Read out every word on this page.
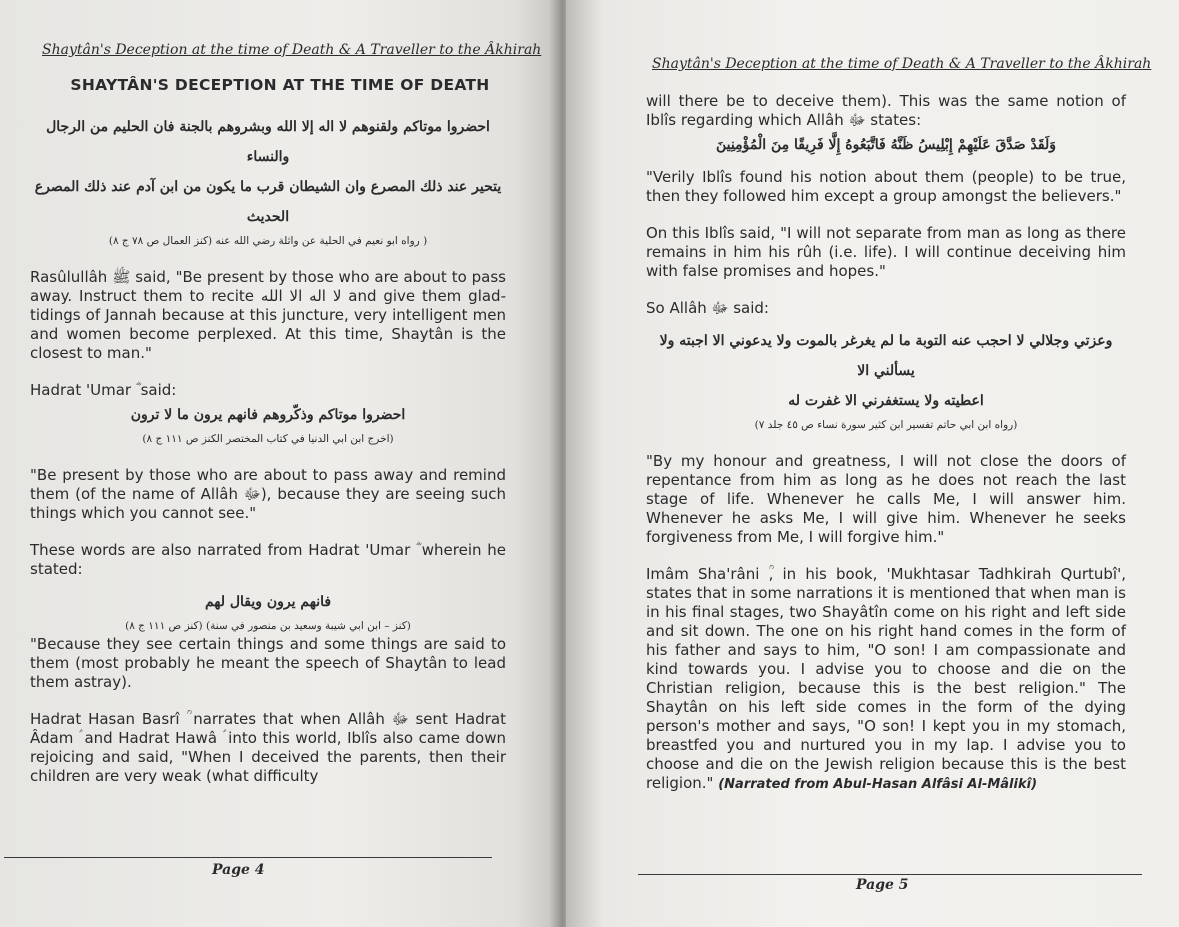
Shaytân's Deception at the time of Death & A Traveller to the Âkhirah
SHAYTÂN'S DECEPTION AT THE TIME OF DEATH

احضروا موتاكم ولقنوهم لا اله إلا الله وبشروهم بالجنة فان الحليم من الرجال والنساء

يتحير عند ذلك المصرع وان الشيطان قرب ما يكون من ابن آدم عند ذلك المصرع الحديث

( رواه ابو نعيم في الحلية عن واثلة رضي الله عنه (كنز العمال ص ٧٨ ج ٨)

Rasûlullâh ﷺ said, "Be present by those who are about to pass away. Instruct them to recite لا اله الا الله and give them glad-tidings of Jannah because at this juncture, very intelligent men and women become perplexed. At this time, Shaytân is the closest to man."

Hadrat 'Umar ؓ said:

احضروا موتاكم وذكّروهم فانهم يرون ما لا ترون

(اخرج ابن ابي الدنيا في كتاب المختصر الكنز ص ١١١ ج ٨)

"Be present by those who are about to pass away and remind them (of the name of Allâh ﷻ), because they are seeing such things which you cannot see."

These words are also narrated from Hadrat 'Umar ؓ wherein he stated:

فانهم يرون ويقال لهم

(كنز – ابن ابي شيبة وسعيد بن منصور في سنة) (كنز ص ١١١ ج ٨)

"Because they see certain things and some things are said to them (most probably he meant the speech of Shaytân to lead them astray).

Hadrat Hasan Basrî ؒ narrates that when Allâh ﷻ sent Hadrat Âdam ؑ and Hadrat Hawâ ؑ into this world, Iblîs also came down rejoicing and said, "When I deceived the parents, then their children are very weak (what difficulty

Page 4
Shaytân's Deception at the time of Death & A Traveller to the Âkhirah

will there be to deceive them). This was the same notion of Iblîs regarding which Allâh ﷻ states:

وَلَقَدْ صَدَّقَ عَلَيْهِمْ إِبْلِيسُ ظَنَّهُ فَاتَّبَعُوهُ إِلَّا فَرِيقًا مِنَ الْمُؤْمِنِينَ

"Verily Iblîs found his notion about them (people) to be true, then they followed him except a group amongst the believers."

On this Iblîs said, "I will not separate from man as long as there remains in him his rûh (i.e. life). I will continue deceiving him with false promises and hopes."

So Allâh ﷻ said:

وعزتي وجلالي لا احجب عنه التوبة ما لم يغرغر بالموت ولا يدعوني الا اجبته ولا يسألني الا

اعطيته ولا يستغفرني الا غفرت له

(رواه ابن ابي حاتم تفسير ابن كثير سورة نساء ص ٤٥ جلد ٧)

"By my honour and greatness, I will not close the doors of repentance from him as long as he does not reach the last stage of life. Whenever he calls Me, I will answer him. Whenever he asks Me, I will give him. Whenever he seeks forgiveness from Me, I will forgive him."

Imâm Sha'râni ؒ, in his book, 'Mukhtasar Tadhkirah Qurtubî', states that in some narrations it is mentioned that when man is in his final stages, two Shayâtîn come on his right and left side and sit down. The one on his right hand comes in the form of his father and says to him, "O son! I am compassionate and kind towards you. I advise you to choose and die on the Christian religion, because this is the best religion." The Shaytân on his left side comes in the form of the dying person's mother and says, "O son! I kept you in my stomach, breastfed you and nurtured you in my lap. I advise you to choose and die on the Jewish religion because this is the best religion." (Narrated from Abul-Hasan Alfâsi Al-Mâlikî)

Page 5
